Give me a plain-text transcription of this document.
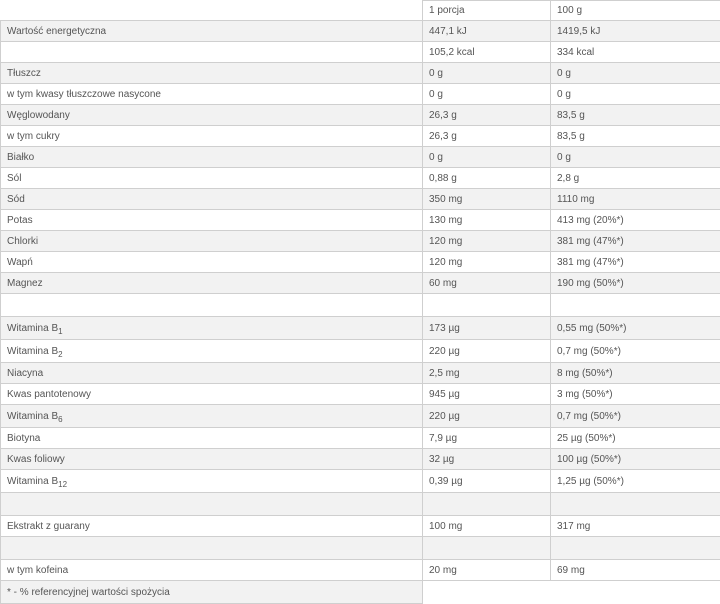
	1 porcja	100 g
Wartość energetyczna	447,1 kJ	1419,5 kJ
	105,2 kcal	334 kcal
Tłuszcz	0 g	0 g
w tym kwasy tłuszczowe nasycone	0 g	0 g
Węglowodany	26,3 g	83,5 g
w tym cukry	26,3 g	83,5 g
Białko	0 g	0 g
Sól	0,88 g	2,8 g
Sód	350 mg	1110 mg
Potas	130 mg	413 mg (20%*)
Chlorki	120 mg	381 mg (47%*)
Wapń	120 mg	381 mg (47%*)
Magnez	60 mg	190 mg (50%*)

Witamina $B_1$	173 µg	0,55 mg (50%*)
Witamina $B_2$	220 µg	0,7 mg (50%*)
Niacyna	2,5 mg	8 mg (50%*)
Kwas pantotenowy	945 µg	3 mg (50%*)
Witamina $B_6$	220 µg	0,7 mg (50%*)
Biotyna	7,9 µg	25 µg (50%*)
Kwas foliowy	32 µg	100 µg (50%*)
Witamina $B_{12}$	0,39 µg	1,25 µg (50%*)

Ekstrakt z guarany	100 mg	317 mg

w tym kofeina	20 mg	69 mg
* - % referencyjnej wartości spożycia		
